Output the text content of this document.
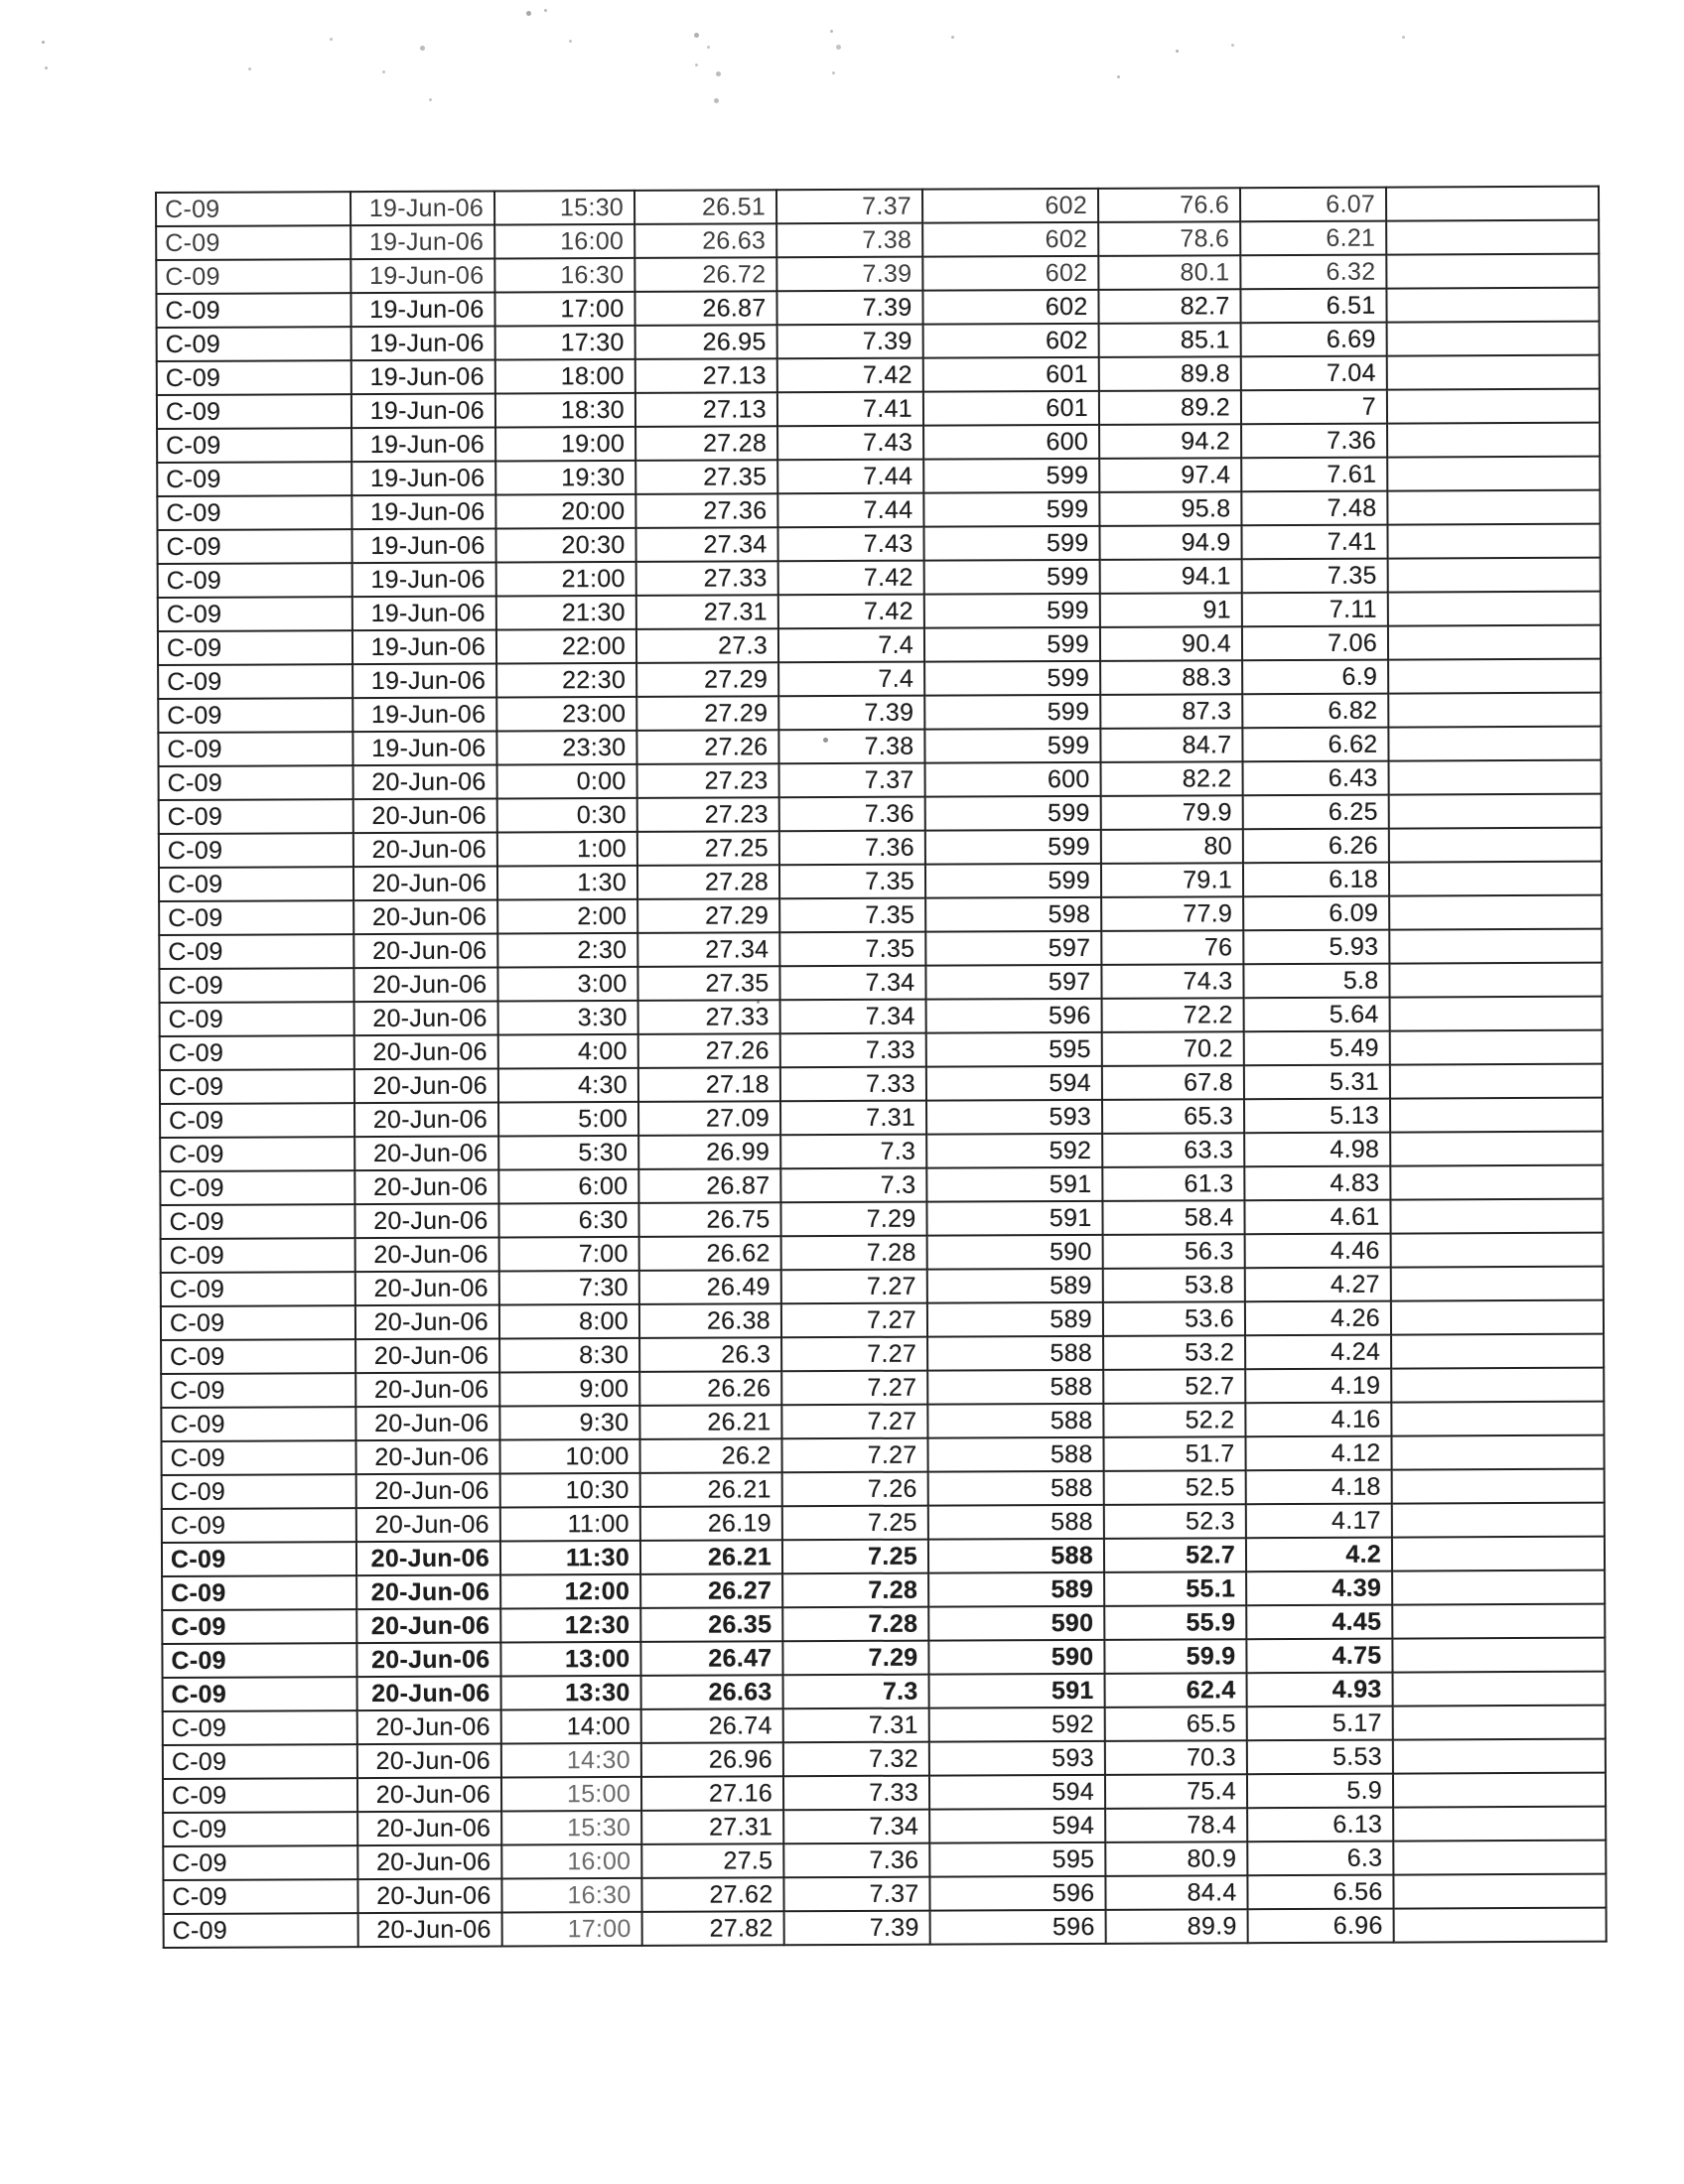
C-09	19-Jun-06	15:30	26.51	7.37	602	76.6	6.07	
C-09	19-Jun-06	16:00	26.63	7.38	602	78.6	6.21	
C-09	19-Jun-06	16:30	26.72	7.39	602	80.1	6.32	
C-09	19-Jun-06	17:00	26.87	7.39	602	82.7	6.51	
C-09	19-Jun-06	17:30	26.95	7.39	602	85.1	6.69	
C-09	19-Jun-06	18:00	27.13	7.42	601	89.8	7.04	
C-09	19-Jun-06	18:30	27.13	7.41	601	89.2	7	
C-09	19-Jun-06	19:00	27.28	7.43	600	94.2	7.36	
C-09	19-Jun-06	19:30	27.35	7.44	599	97.4	7.61	
C-09	19-Jun-06	20:00	27.36	7.44	599	95.8	7.48	
C-09	19-Jun-06	20:30	27.34	7.43	599	94.9	7.41	
C-09	19-Jun-06	21:00	27.33	7.42	599	94.1	7.35	
C-09	19-Jun-06	21:30	27.31	7.42	599	91	7.11	
C-09	19-Jun-06	22:00	27.3	7.4	599	90.4	7.06	
C-09	19-Jun-06	22:30	27.29	7.4	599	88.3	6.9	
C-09	19-Jun-06	23:00	27.29	7.39	599	87.3	6.82	
C-09	19-Jun-06	23:30	27.26	7.38	599	84.7	6.62	
C-09	20-Jun-06	0:00	27.23	7.37	600	82.2	6.43	
C-09	20-Jun-06	0:30	27.23	7.36	599	79.9	6.25	
C-09	20-Jun-06	1:00	27.25	7.36	599	80	6.26	
C-09	20-Jun-06	1:30	27.28	7.35	599	79.1	6.18	
C-09	20-Jun-06	2:00	27.29	7.35	598	77.9	6.09	
C-09	20-Jun-06	2:30	27.34	7.35	597	76	5.93	
C-09	20-Jun-06	3:00	27.35	7.34	597	74.3	5.8	
C-09	20-Jun-06	3:30	27.33	7.34	596	72.2	5.64	
C-09	20-Jun-06	4:00	27.26	7.33	595	70.2	5.49	
C-09	20-Jun-06	4:30	27.18	7.33	594	67.8	5.31	
C-09	20-Jun-06	5:00	27.09	7.31	593	65.3	5.13	
C-09	20-Jun-06	5:30	26.99	7.3	592	63.3	4.98	
C-09	20-Jun-06	6:00	26.87	7.3	591	61.3	4.83	
C-09	20-Jun-06	6:30	26.75	7.29	591	58.4	4.61	
C-09	20-Jun-06	7:00	26.62	7.28	590	56.3	4.46	
C-09	20-Jun-06	7:30	26.49	7.27	589	53.8	4.27	
C-09	20-Jun-06	8:00	26.38	7.27	589	53.6	4.26	
C-09	20-Jun-06	8:30	26.3	7.27	588	53.2	4.24	
C-09	20-Jun-06	9:00	26.26	7.27	588	52.7	4.19	
C-09	20-Jun-06	9:30	26.21	7.27	588	52.2	4.16	
C-09	20-Jun-06	10:00	26.2	7.27	588	51.7	4.12	
C-09	20-Jun-06	10:30	26.21	7.26	588	52.5	4.18	
C-09	20-Jun-06	11:00	26.19	7.25	588	52.3	4.17	
C-09	20-Jun-06	11:30	26.21	7.25	588	52.7	4.2	
C-09	20-Jun-06	12:00	26.27	7.28	589	55.1	4.39	
C-09	20-Jun-06	12:30	26.35	7.28	590	55.9	4.45	
C-09	20-Jun-06	13:00	26.47	7.29	590	59.9	4.75	
C-09	20-Jun-06	13:30	26.63	7.3	591	62.4	4.93	
C-09	20-Jun-06	14:00	26.74	7.31	592	65.5	5.17	
C-09	20-Jun-06	14:30	26.96	7.32	593	70.3	5.53	
C-09	20-Jun-06	15:00	27.16	7.33	594	75.4	5.9	
C-09	20-Jun-06	15:30	27.31	7.34	594	78.4	6.13	
C-09	20-Jun-06	16:00	27.5	7.36	595	80.9	6.3	
C-09	20-Jun-06	16:30	27.62	7.37	596	84.4	6.56	
C-09	20-Jun-06	17:00	27.82	7.39	596	89.9	6.96	
